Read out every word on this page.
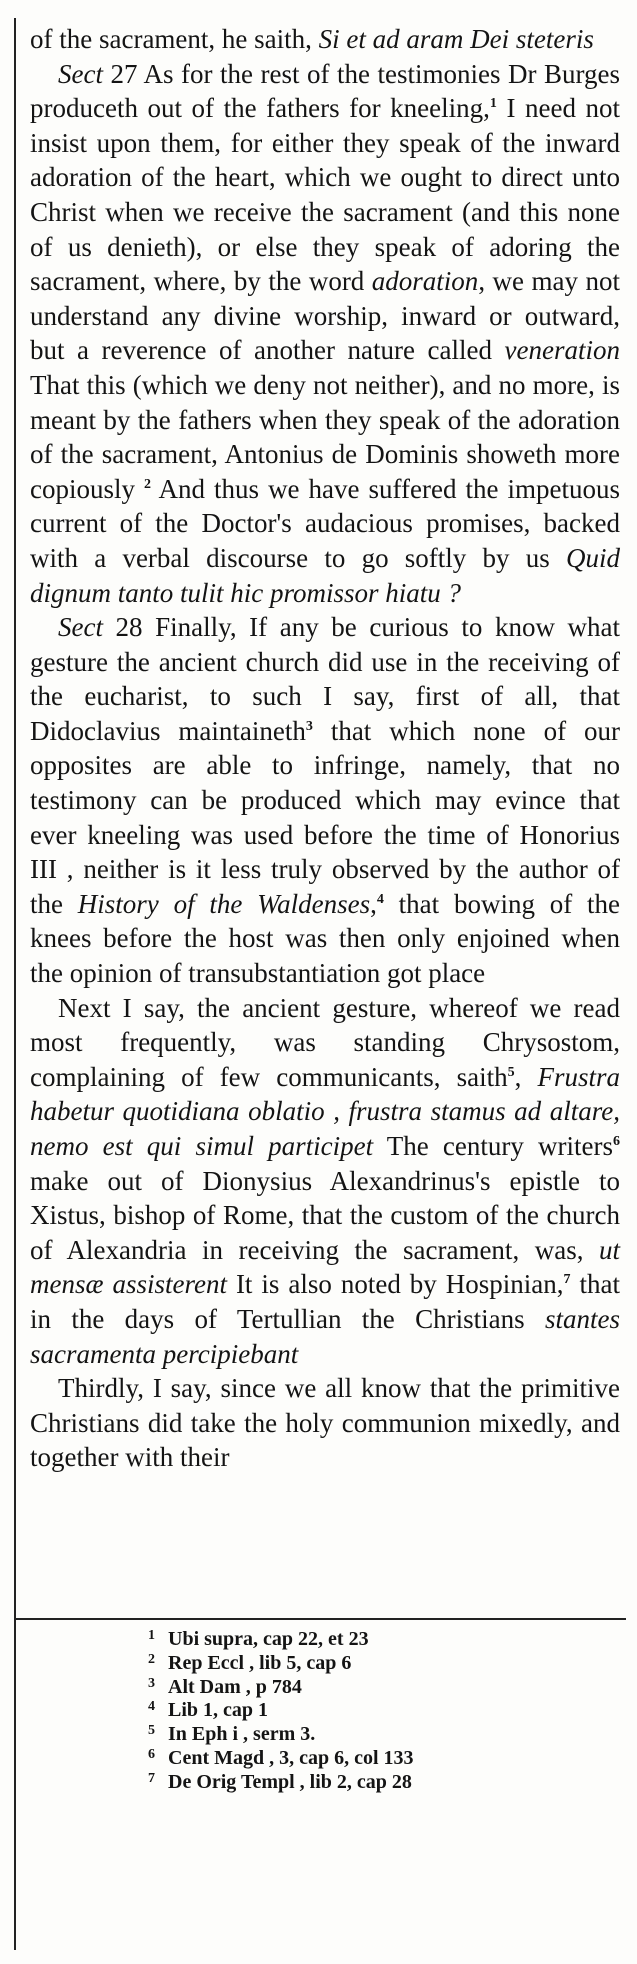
of the sacrament, he saith, Si et ad aram Dei steteris

Sect 27 As for the rest of the testimonies Dr Burges produceth out of the fathers for kneeling,$^1$ I need not insist upon them, for either they speak of the inward adoration of the heart, which we ought to direct unto Christ when we receive the sacrament (and this none of us denieth), or else they speak of adoring the sacrament, where, by the word adoration, we may not understand any divine worship, inward or outward, but a reverence of another nature called veneration That this (which we deny not neither), and no more, is meant by the fathers when they speak of the adoration of the sacrament, Antonius de Dominis showeth more copiously $^2$ And thus we have suffered the impetuous current of the Doctor's audacious promises, backed with a verbal discourse to go softly by us Quid dignum tanto tulit hic promissor hiatu ?

Sect 28 Finally, If any be curious to know what gesture the ancient church did use in the receiving of the eucharist, to such I say, first of all, that Didoclavius maintaineth$^3$ that which none of our opposites are able to infringe, namely, that no testimony can be produced which may evince that ever kneeling was used before the time of Honorius III , neither is it less truly observed by the author of the History of the Waldenses,$^4$ that bowing of the knees before the host was then only enjoined when the opinion of transubstantiation got place

Next I say, the ancient gesture, whereof we read most frequently, was standing Chrysostom, complaining of few communicants, saith$^5$, Frustra habetur quotidiana oblatio , frustra stamus ad altare, nemo est qui simul participet The century writers$^6$ make out of Dionysius Alexandrinus's epistle to Xistus, bishop of Rome, that the custom of the church of Alexandria in receiving the sacrament, was, ut mensæ assisterent It is also noted by Hospinian,$^7$ that in the days of Tertullian the Christians stantes sacramenta percipiebant

Thirdly, I say, since we all know that the primitive Christians did take the holy communion mixedly, and together with their

1 Ubi supra, cap 22, et 23
2 Rep Eccl , lib 5, cap 6
3 Alt Dam , p 784
4 Lib 1, cap 1
5 In Eph i , serm 3.
6 Cent Magd , 3, cap 6, col 133
7 De Orig Templ , lib 2, cap 28
